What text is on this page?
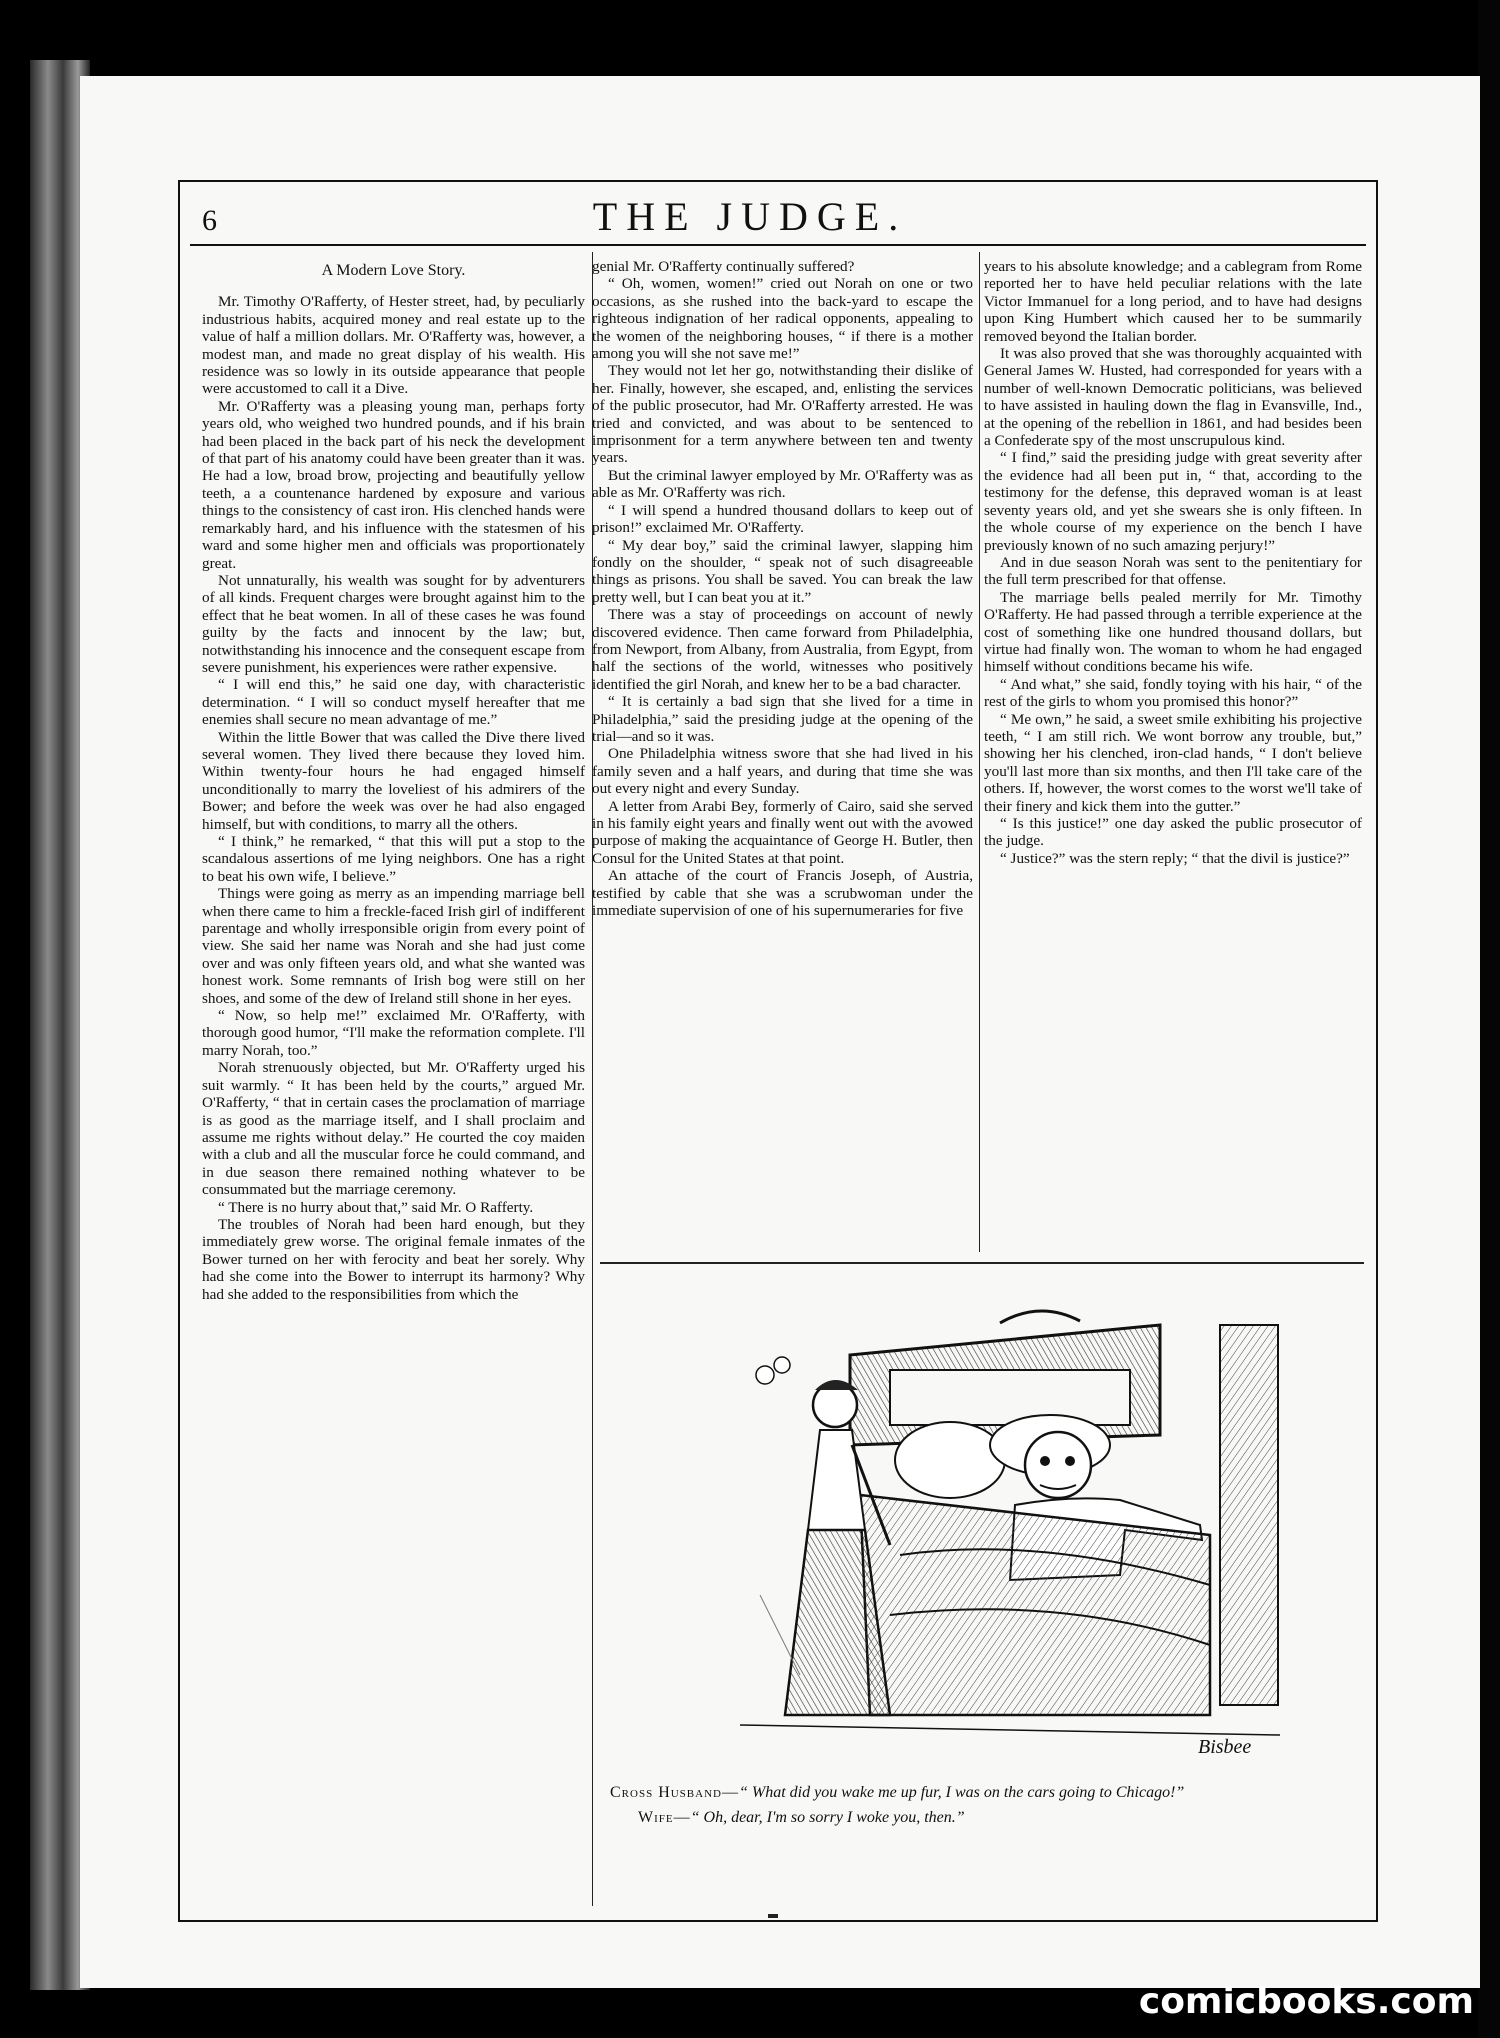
6	THE JUDGE.
A Modern Love Story.

Mr. Timothy O'Rafferty, of Hester street, had, by peculiarly industrious habits, acquired money and real estate up to the value of half a million dollars. Mr. O'Rafferty was, however, a modest man, and made no great display of his wealth. His residence was so lowly in its outside appearance that people were accustomed to call it a Dive.

Mr. O'Rafferty was a pleasing young man, perhaps forty years old, who weighed two hundred pounds, and if his brain had been placed in the back part of his neck the development of that part of his anatomy could have been greater than it was. He had a low, broad brow, projecting and beautifully yellow teeth, a a countenance hardened by exposure and various things to the consistency of cast iron. His clenched hands were remarkably hard, and his influence with the statesmen of his ward and some higher men and officials was proportionately great.

Not unnaturally, his wealth was sought for by adventurers of all kinds. Frequent charges were brought against him to the effect that he beat women. In all of these cases he was found guilty by the facts and innocent by the law; but, notwithstanding his innocence and the consequent escape from severe punishment, his experiences were rather expensive.

“ I will end this,” he said one day, with characteristic determination. “ I will so conduct myself hereafter that me enemies shall secure no mean advantage of me.”

Within the little Bower that was called the Dive there lived several women. They lived there because they loved him. Within twenty-four hours he had engaged himself unconditionally to marry the loveliest of his admirers of the Bower; and before the week was over he had also engaged himself, but with conditions, to marry all the others.

“ I think,” he remarked, “ that this will put a stop to the scandalous assertions of me lying neighbors. One has a right to beat his own wife, I believe.”

Things were going as merry as an impending marriage bell when there came to him a freckle-faced Irish girl of indifferent parentage and wholly irresponsible origin from every point of view. She said her name was Norah and she had just come over and was only fifteen years old, and what she wanted was honest work. Some remnants of Irish bog were still on her shoes, and some of the dew of Ireland still shone in her eyes.

“ Now, so help me!” exclaimed Mr. O'Rafferty, with thorough good humor, “I'll make the reformation complete. I'll marry Norah, too.”

Norah strenuously objected, but Mr. O'Rafferty urged his suit warmly. “ It has been held by the courts,” argued Mr. O'Rafferty, “ that in certain cases the proclamation of marriage is as good as the marriage itself, and I shall proclaim and assume me rights without delay.” He courted the coy maiden with a club and all the muscular force he could command, and in due season there remained nothing whatever to be consummated but the marriage ceremony.

“ There is no hurry about that,” said Mr. O Rafferty.

The troubles of Norah had been hard enough, but they immediately grew worse. The original female inmates of the Bower turned on her with ferocity and beat her sorely. Why had she come into the Bower to interrupt its harmony? Why had she added to the responsibilities from which the

genial Mr. O'Rafferty continually suffered?

“ Oh, women, women!” cried out Norah on one or two occasions, as she rushed into the back-yard to escape the righteous indignation of her radical opponents, appealing to the women of the neighboring houses, “ if there is a mother among you will she not save me!”

They would not let her go, notwithstanding their dislike of her. Finally, however, she escaped, and, enlisting the services of the public prosecutor, had Mr. O'Rafferty arrested. He was tried and convicted, and was about to be sentenced to imprisonment for a term anywhere between ten and twenty years.

But the criminal lawyer employed by Mr. O'Rafferty was as able as Mr. O'Rafferty was rich.

“ I will spend a hundred thousand dollars to keep out of prison!” exclaimed Mr. O'Rafferty.

“ My dear boy,” said the criminal lawyer, slapping him fondly on the shoulder, “ speak not of such disagreeable things as prisons. You shall be saved. You can break the law pretty well, but I can beat you at it.”

There was a stay of proceedings on account of newly discovered evidence. Then came forward from Philadelphia, from Newport, from Albany, from Australia, from Egypt, from half the sections of the world, witnesses who positively identified the girl Norah, and knew her to be a bad character.

“ It is certainly a bad sign that she lived for a time in Philadelphia,” said the presiding judge at the opening of the trial—and so it was.

One Philadelphia witness swore that she had lived in his family seven and a half years, and during that time she was out every night and every Sunday.

A letter from Arabi Bey, formerly of Cairo, said she served in his family eight years and finally went out with the avowed purpose of making the acquaintance of George H. Butler, then Consul for the United States at that point.

An attache of the court of Francis Joseph, of Austria, testified by cable that she was a scrubwoman under the immediate supervision of one of his supernumeraries for five

years to his absolute knowledge; and a cablegram from Rome reported her to have held peculiar relations with the late Victor Immanuel for a long period, and to have had designs upon King Humbert which caused her to be summarily removed beyond the Italian border.

It was also proved that she was thoroughly acquainted with General James W. Husted, had corresponded for years with a number of well-known Democratic politicians, was believed to have assisted in hauling down the flag in Evansville, Ind., at the opening of the rebellion in 1861, and had besides been a Confederate spy of the most unscrupulous kind.

“ I find,” said the presiding judge with great severity after the evidence had all been put in, “ that, according to the testimony for the defense, this depraved woman is at least seventy years old, and yet she swears she is only fifteen. In the whole course of my experience on the bench I have previously known of no such amazing perjury!”

And in due season Norah was sent to the penitentiary for the full term prescribed for that offense.

The marriage bells pealed merrily for Mr. Timothy O'Rafferty. He had passed through a terrible experience at the cost of something like one hundred thousand dollars, but virtue had finally won. The woman to whom he had engaged himself without conditions became his wife.

“ And what,” she said, fondly toying with his hair, “ of the rest of the girls to whom you promised this honor?”

“ Me own,” he said, a sweet smile exhibiting his projective teeth, “ I am still rich. We wont borrow any trouble, but,” showing her his clenched, iron-clad hands, “ I don't believe you'll last more than six months, and then I'll take care of the others. If, however, the worst comes to the worst we'll take of their finery and kick them into the gutter.”

“ Is this justice!” one day asked the public prosecutor of the judge.

“ Justice?” was the stern reply; “ that the divil is justice?”

Bisbee

Cross Husband—“ What did you wake me up fur, I was on the cars going to Chicago!”

Wife—“ Oh, dear, I'm so sorry I woke you, then.”

comicbooks.com
